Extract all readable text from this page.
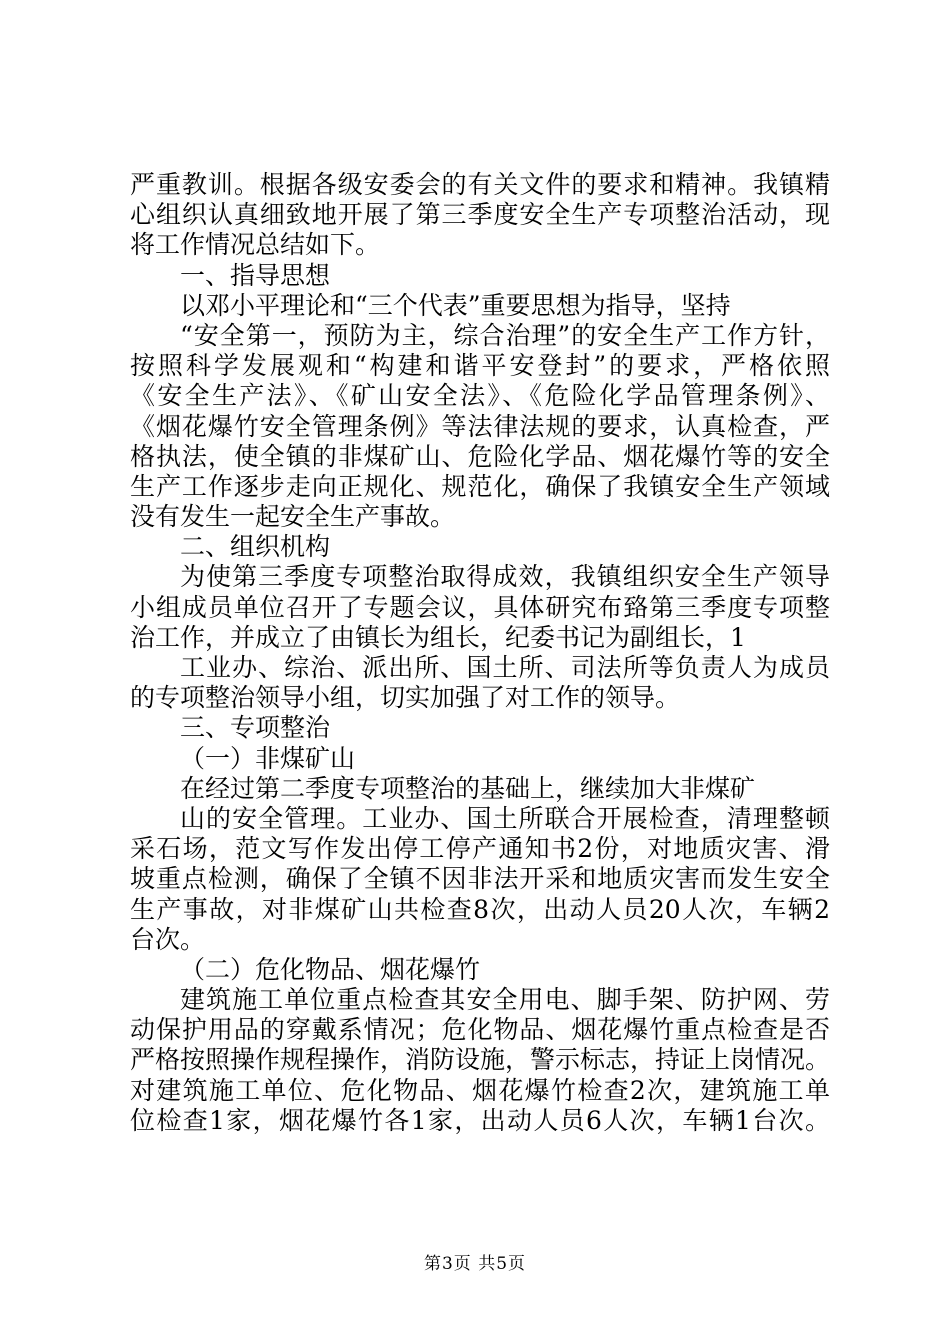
严重教训。根据各级安委会的有关文件的要求和精神。我镇精
心组织认真细致地开展了第三季度安全生产专项整治活动，现
将工作情况总结如下。
一、指导思想
以邓小平理论和“三个代表”重要思想为指导，坚持
“安全第一，预防为主，综合治理”的安全生产工作方针，
按照科学发展观和“构建和谐平安登封”的要求，严格依照
《安全生产法》、《矿山安全法》、《危险化学品管理条例》、
《烟花爆竹安全管理条例》等法律法规的要求，认真检查，严
格执法，使全镇的非煤矿山、危险化学品、烟花爆竹等的安全
生产工作逐步走向正规化、规范化，确保了我镇安全生产领域
没有发生一起安全生产事故。
二、组织机构
为使第三季度专项整治取得成效，我镇组织安全生产领导
小组成员单位召开了专题会议，具体研究布臵第三季度专项整
治工作，并成立了由镇长为组长，纪委书记为副组长，1
工业办、综治、派出所、国土所、司法所等负责人为成员
的专项整治领导小组，切实加强了对工作的领导。
三、专项整治
（一）非煤矿山
在经过第二季度专项整治的基础上，继续加大非煤矿
山的安全管理。工业办、国土所联合开展检查，清理整顿
采石场，范文写作发出停工停产通知书2份，对地质灾害、滑
坡重点检测，确保了全镇不因非法开采和地质灾害而发生安全
生产事故，对非煤矿山共检查8次，出动人员20人次，车辆2
台次。
（二）危化物品、烟花爆竹
建筑施工单位重点检查其安全用电、脚手架、防护网、劳
动保护用品的穿戴系情况；危化物品、烟花爆竹重点检查是否
严格按照操作规程操作，消防设施，警示标志，持证上岗情况。
对建筑施工单位、危化物品、烟花爆竹检查2次，建筑施工单
位检查1家，烟花爆竹各1家，出动人员6人次，车辆1台次。
第3页 共5页
